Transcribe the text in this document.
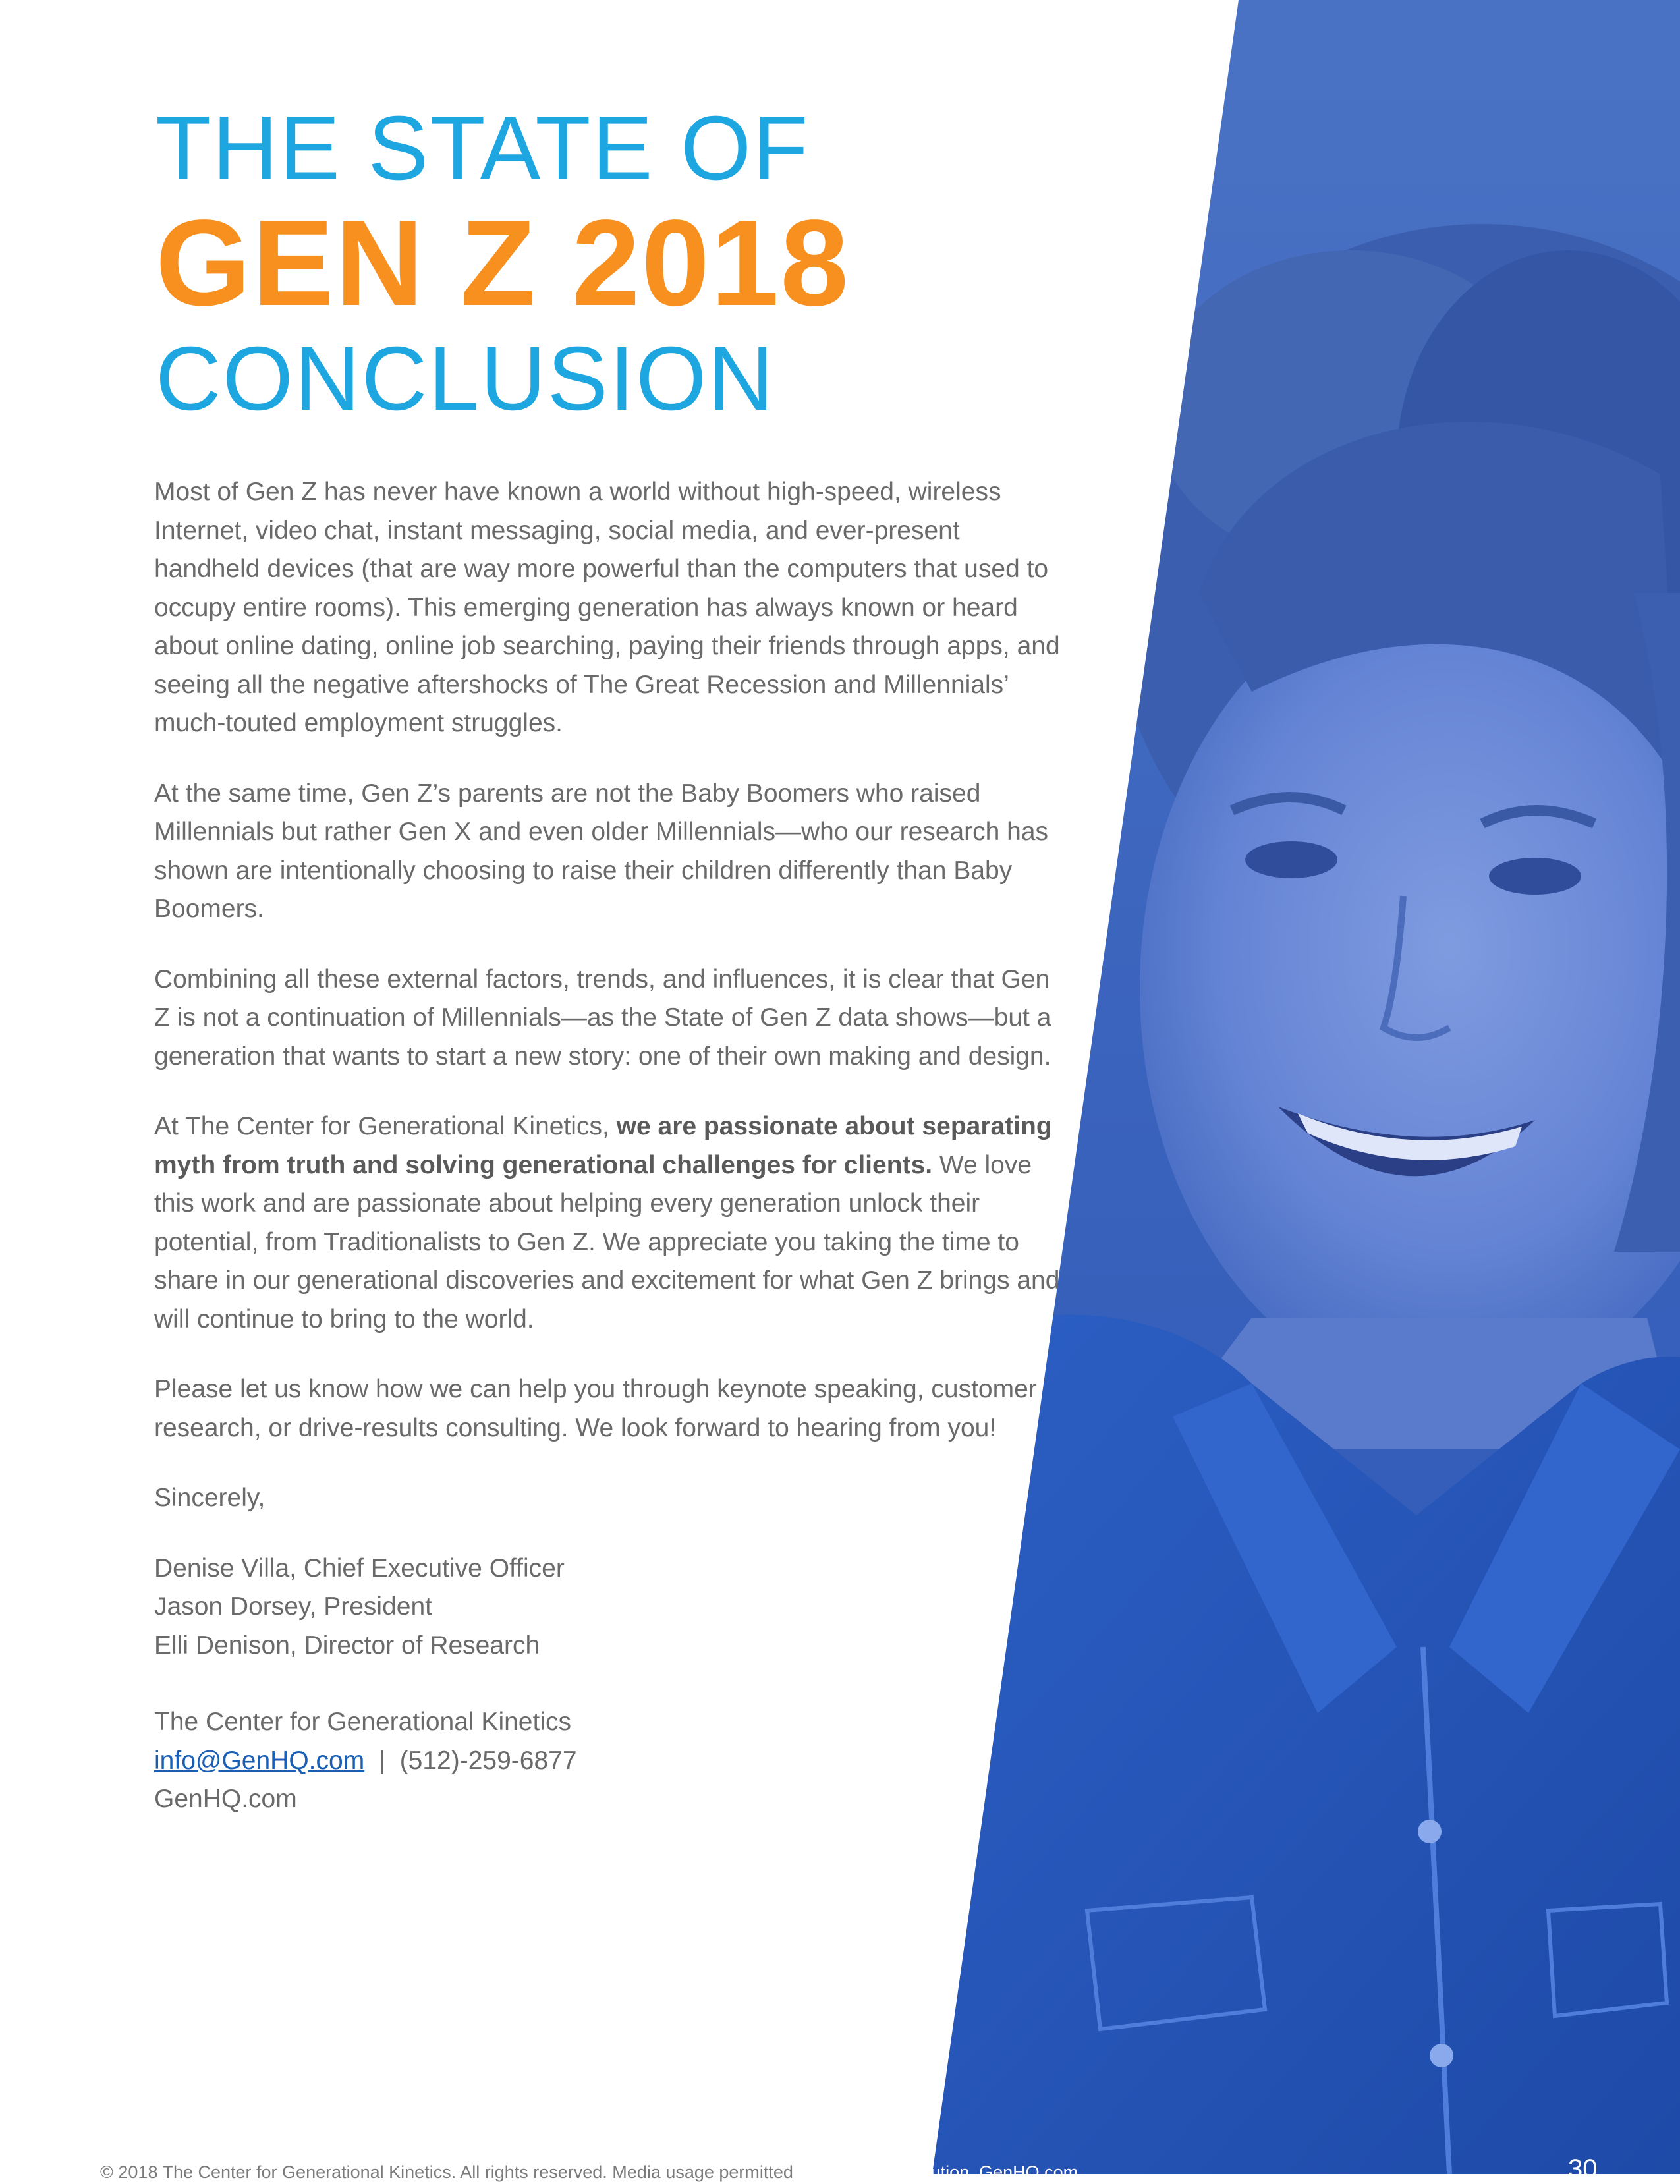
THE STATE OF
GEN Z 2018
CONCLUSION

Most of Gen Z has never have known a world without high-speed, wireless Internet, video chat, instant messaging, social media, and ever-present handheld devices (that are way more powerful than the computers that used to occupy entire rooms). This emerging generation has always known or heard about online dating, online job searching, paying their friends through apps, and seeing all the negative aftershocks of The Great Recession and Millennials’ much-touted employment struggles.

At the same time, Gen Z’s parents are not the Baby Boomers who raised Millennials but rather Gen X and even older Millennials—who our research has shown are intentionally choosing to raise their children differently than Baby Boomers.

Combining all these external factors, trends, and influences, it is clear that Gen Z is not a continuation of Millennials—as the State of Gen Z data shows—but a generation that wants to start a new story: one of their own making and design.

At The Center for Generational Kinetics, we are passionate about separating myth from truth and solving generational challenges for clients. We love this work and are passionate about helping every generation unlock their potential, from Traditionalists to Gen Z. We appreciate you taking the time to share in our generational discoveries and excitement for what Gen Z brings and will continue to bring to the world.

Please let us know how we can help you through keynote speaking, customer research, or drive-results consulting. We look forward to hearing from you!

Sincerely,

Denise Villa, Chief Executive Officer
Jason Dorsey, President
Elli Denison, Director of Research

The Center for Generational Kinetics
info@GenHQ.com | (512)-259-6877
GenHQ.com

© 2018 The Center for Generational Kinetics. All rights reserved. Media usage permitted with proper attribution. GenHQ.com	30
